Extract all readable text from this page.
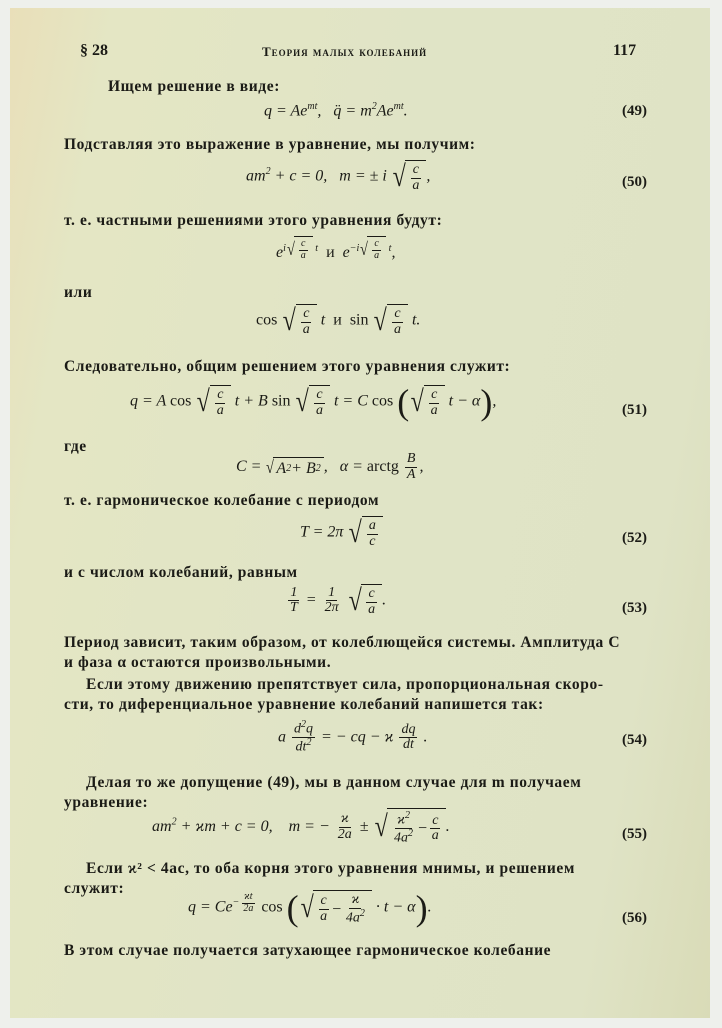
§ 28	Теория малых колебаний	117
Ищем решение в виде:
$q = Ae^{mt}$,   q̈ = $m^2Ae^{mt}$.	(49)
Подставляя это выражение в уравнение, мы получим:
$am^2 + c = 0$,   m = ± i √ $\frac{c}{a}$ ,	(50)
т. е. частными решениями этого уравнения будут:
$e^{i √ \frac{c}{a} t}$ и  $e^{-i √ \frac{c}{a} t}$,
или
cos √ $\frac{c}{a}$ t  и sin √ $\frac{c}{a} t$.
Следовательно, общим решением этого уравнения служит:
q = A cos √ $\frac{c}{a}$ t + B sin √ $\frac{c}{a}$ t = C cos ( √ $\frac{c}{a}$ t − α),
(51)
где
C = √ A 2 + B 2 ,   α = arctg $\frac{B}{A}$ ,
т. е. гармоническое колебание с периодом
T = 2π √ $\frac{a}{c}$	(52)
и с числом колебаний, равным
$\frac{1}{T} = \frac{1}{2\pi}$
√ $\frac{c}{a}$ .	(53)
Период зависит, таким образом, от колеблющейся системы. Амплитуда C
и фаза α остаются произвольными.
Если этому движению препятствует сила, пропорциональная скоро-
сти, то диференциальное уравнение колебаний напишется так:
a $\frac{d^2q}{dt^2}$ = − cq − ϰ $\frac{dq}{dt}$ .	(54)
Делая то же допущение (49), мы в данном случае для m получаем
уравнение:
$am^2 + ϰm + c = 0$,    m = − $\frac{ϰ}{2a}$ ± √ $\frac{ϰ^2}{4a^2} - \frac{c}{a}$ .	(55)
Если ϰ² < 4ac, то оба корня этого уравнения мнимы, и решением
служит:
$q = Ce^{- \frac{ϰt}{2a}}$ cos ( √ $\frac{c}{a} - \frac{ϰ}{4a^2} \cdot t - \alpha$).
(56)
В этом случае получается затухающее гармоническое колебание
